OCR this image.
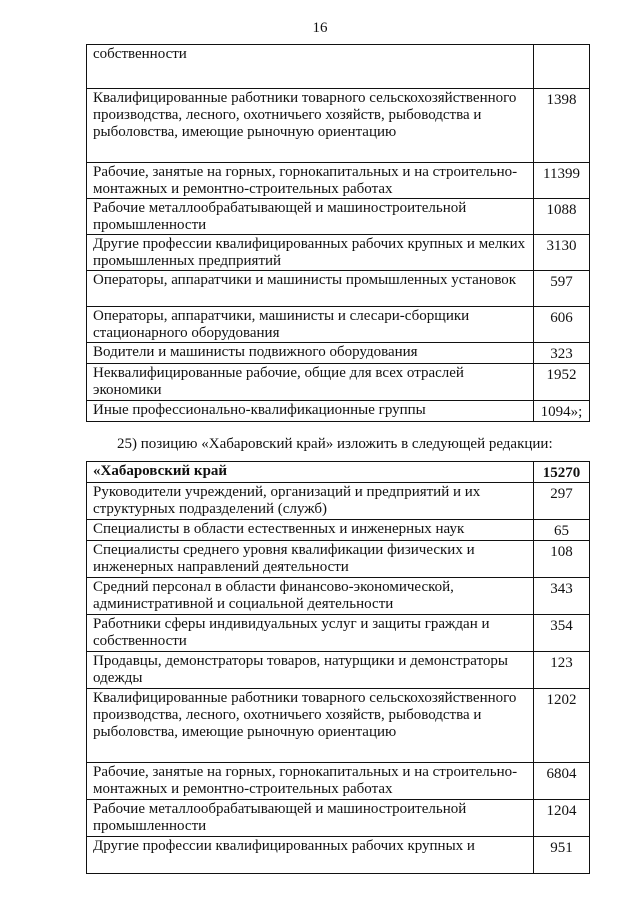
16
собственности	
Квалифицированные работники товарного сельскохозяйственного производства, лесного, охотничьего хозяйств, рыбоводства и рыболовства, имеющие рыночную ориентацию	1398
Рабочие, занятые на горных, горнокапитальных и на строительно-монтажных и ремонтно-строительных работах	11399
Рабочие металлообрабатывающей и машиностроительной промышленности	1088
Другие профессии квалифицированных рабочих крупных и мелких промышленных предприятий	3130
Операторы, аппаратчики и машинисты промышленных установок	597
Операторы, аппаратчики, машинисты и слесари-сборщики стационарного оборудования	606
Водители и машинисты подвижного оборудования	323
Неквалифицированные рабочие, общие для всех отраслей экономики	1952
Иные профессионально-квалификационные группы	1094»;
25) позицию «Хабаровский край» изложить в следующей редакции:
«Хабаровский край	15270
Руководители учреждений, организаций и предприятий и их структурных подразделений (служб)	297
Специалисты в области естественных и инженерных наук	65
Специалисты среднего уровня квалификации физических и инженерных направлений деятельности	108
Средний персонал в области финансово-экономической, административной и социальной деятельности	343
Работники сферы индивидуальных услуг и защиты граждан и собственности	354
Продавцы, демонстраторы товаров, натурщики и демонстраторы одежды	123
Квалифицированные работники товарного сельскохозяйственного производства, лесного, охотничьего хозяйств, рыбоводства и рыболовства, имеющие рыночную ориентацию	1202
Рабочие, занятые на горных, горнокапитальных и на строительно-монтажных и ремонтно-строительных работах	6804
Рабочие металлообрабатывающей и машиностроительной промышленности	1204
Другие профессии квалифицированных рабочих крупных и	951
